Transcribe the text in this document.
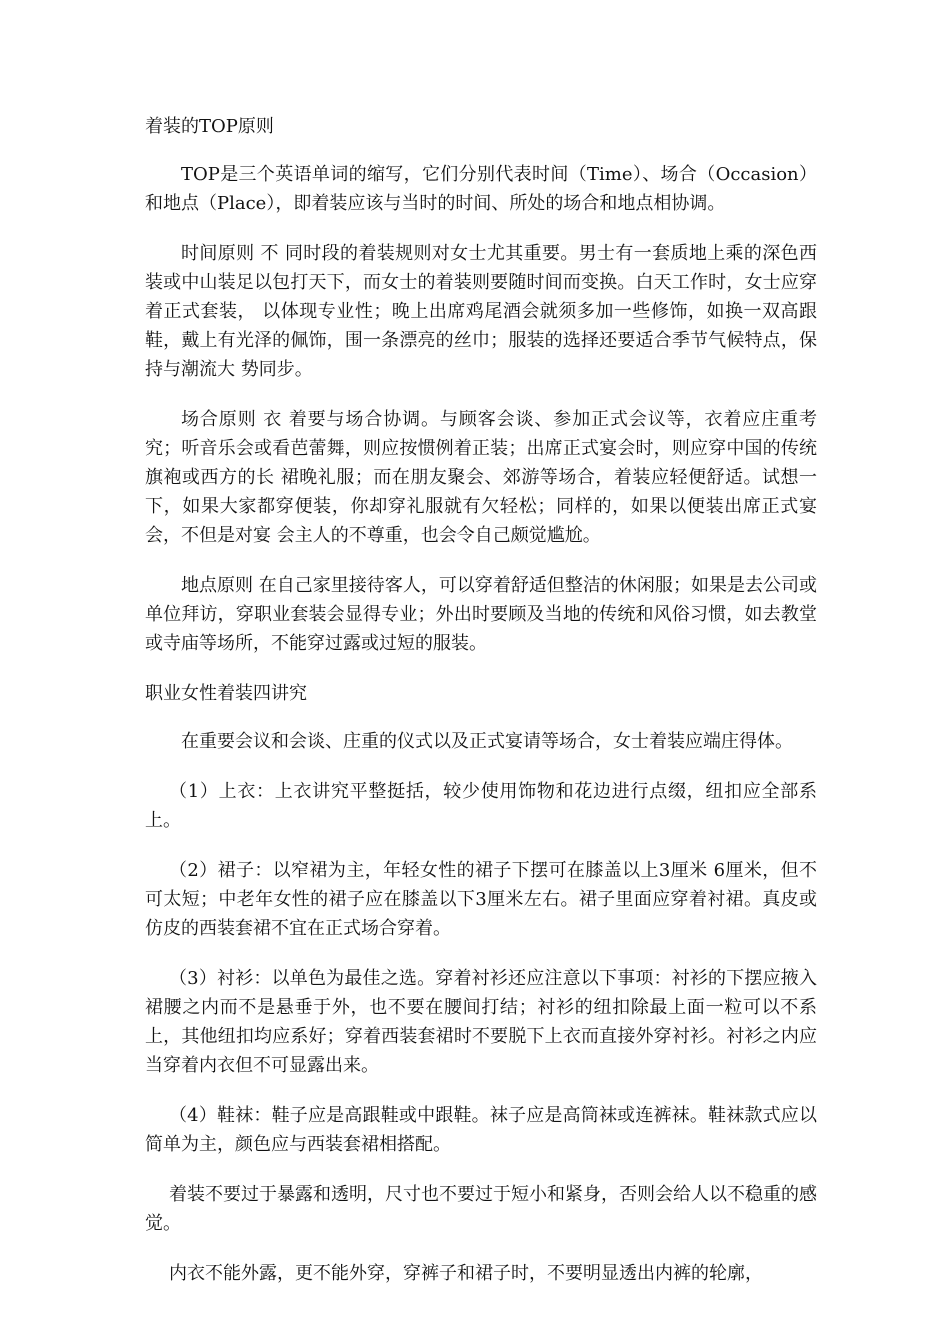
着装的TOP原则

TOP是三个英语单词的缩写，它们分别代表时间（Time）、场合（Occasion）和地点（Place），即着装应该与当时的时间、所处的场合和地点相协调。

时间原则 不 同时段的着装规则对女士尤其重要。男士有一套质地上乘的深色西装或中山装足以包打天下，而女士的着装则要随时间而变换。白天工作时，女士应穿着正式套装， 以体现专业性；晚上出席鸡尾酒会就须多加一些修饰，如换一双高跟鞋，戴上有光泽的佩饰，围一条漂亮的丝巾；服装的选择还要适合季节气候特点，保持与潮流大 势同步。

场合原则 衣 着要与场合协调。与顾客会谈、参加正式会议等，衣着应庄重考究；听音乐会或看芭蕾舞，则应按惯例着正装；出席正式宴会时，则应穿中国的传统旗袍或西方的长 裙晚礼服；而在朋友聚会、郊游等场合，着装应轻便舒适。试想一下，如果大家都穿便装，你却穿礼服就有欠轻松；同样的，如果以便装出席正式宴会，不但是对宴 会主人的不尊重，也会令自己颇觉尴尬。

地点原则 在自己家里接待客人，可以穿着舒适但整洁的休闲服；如果是去公司或单位拜访，穿职业套装会显得专业；外出时要顾及当地的传统和风俗习惯，如去教堂或寺庙等场所，不能穿过露或过短的服装。

职业女性着装四讲究

在重要会议和会谈、庄重的仪式以及正式宴请等场合，女士着装应端庄得体。

（1）上衣：上衣讲究平整挺括，较少使用饰物和花边进行点缀，纽扣应全部系上。

（2）裙子：以窄裙为主，年轻女性的裙子下摆可在膝盖以上3厘米 6厘米，但不可太短；中老年女性的裙子应在膝盖以下3厘米左右。裙子里面应穿着衬裙。真皮或仿皮的西装套裙不宜在正式场合穿着。

（3）衬衫：以单色为最佳之选。穿着衬衫还应注意以下事项：衬衫的下摆应掖入裙腰之内而不是悬垂于外，也不要在腰间打结；衬衫的纽扣除最上面一粒可以不系上，其他纽扣均应系好；穿着西装套裙时不要脱下上衣而直接外穿衬衫。衬衫之内应当穿着内衣但不可显露出来。

（4）鞋袜：鞋子应是高跟鞋或中跟鞋。袜子应是高筒袜或连裤袜。鞋袜款式应以简单为主，颜色应与西装套裙相搭配。

着装不要过于暴露和透明，尺寸也不要过于短小和紧身，否则会给人以不稳重的感觉。

内衣不能外露，更不能外穿，穿裤子和裙子时，不要明显透出内裤的轮廓，
